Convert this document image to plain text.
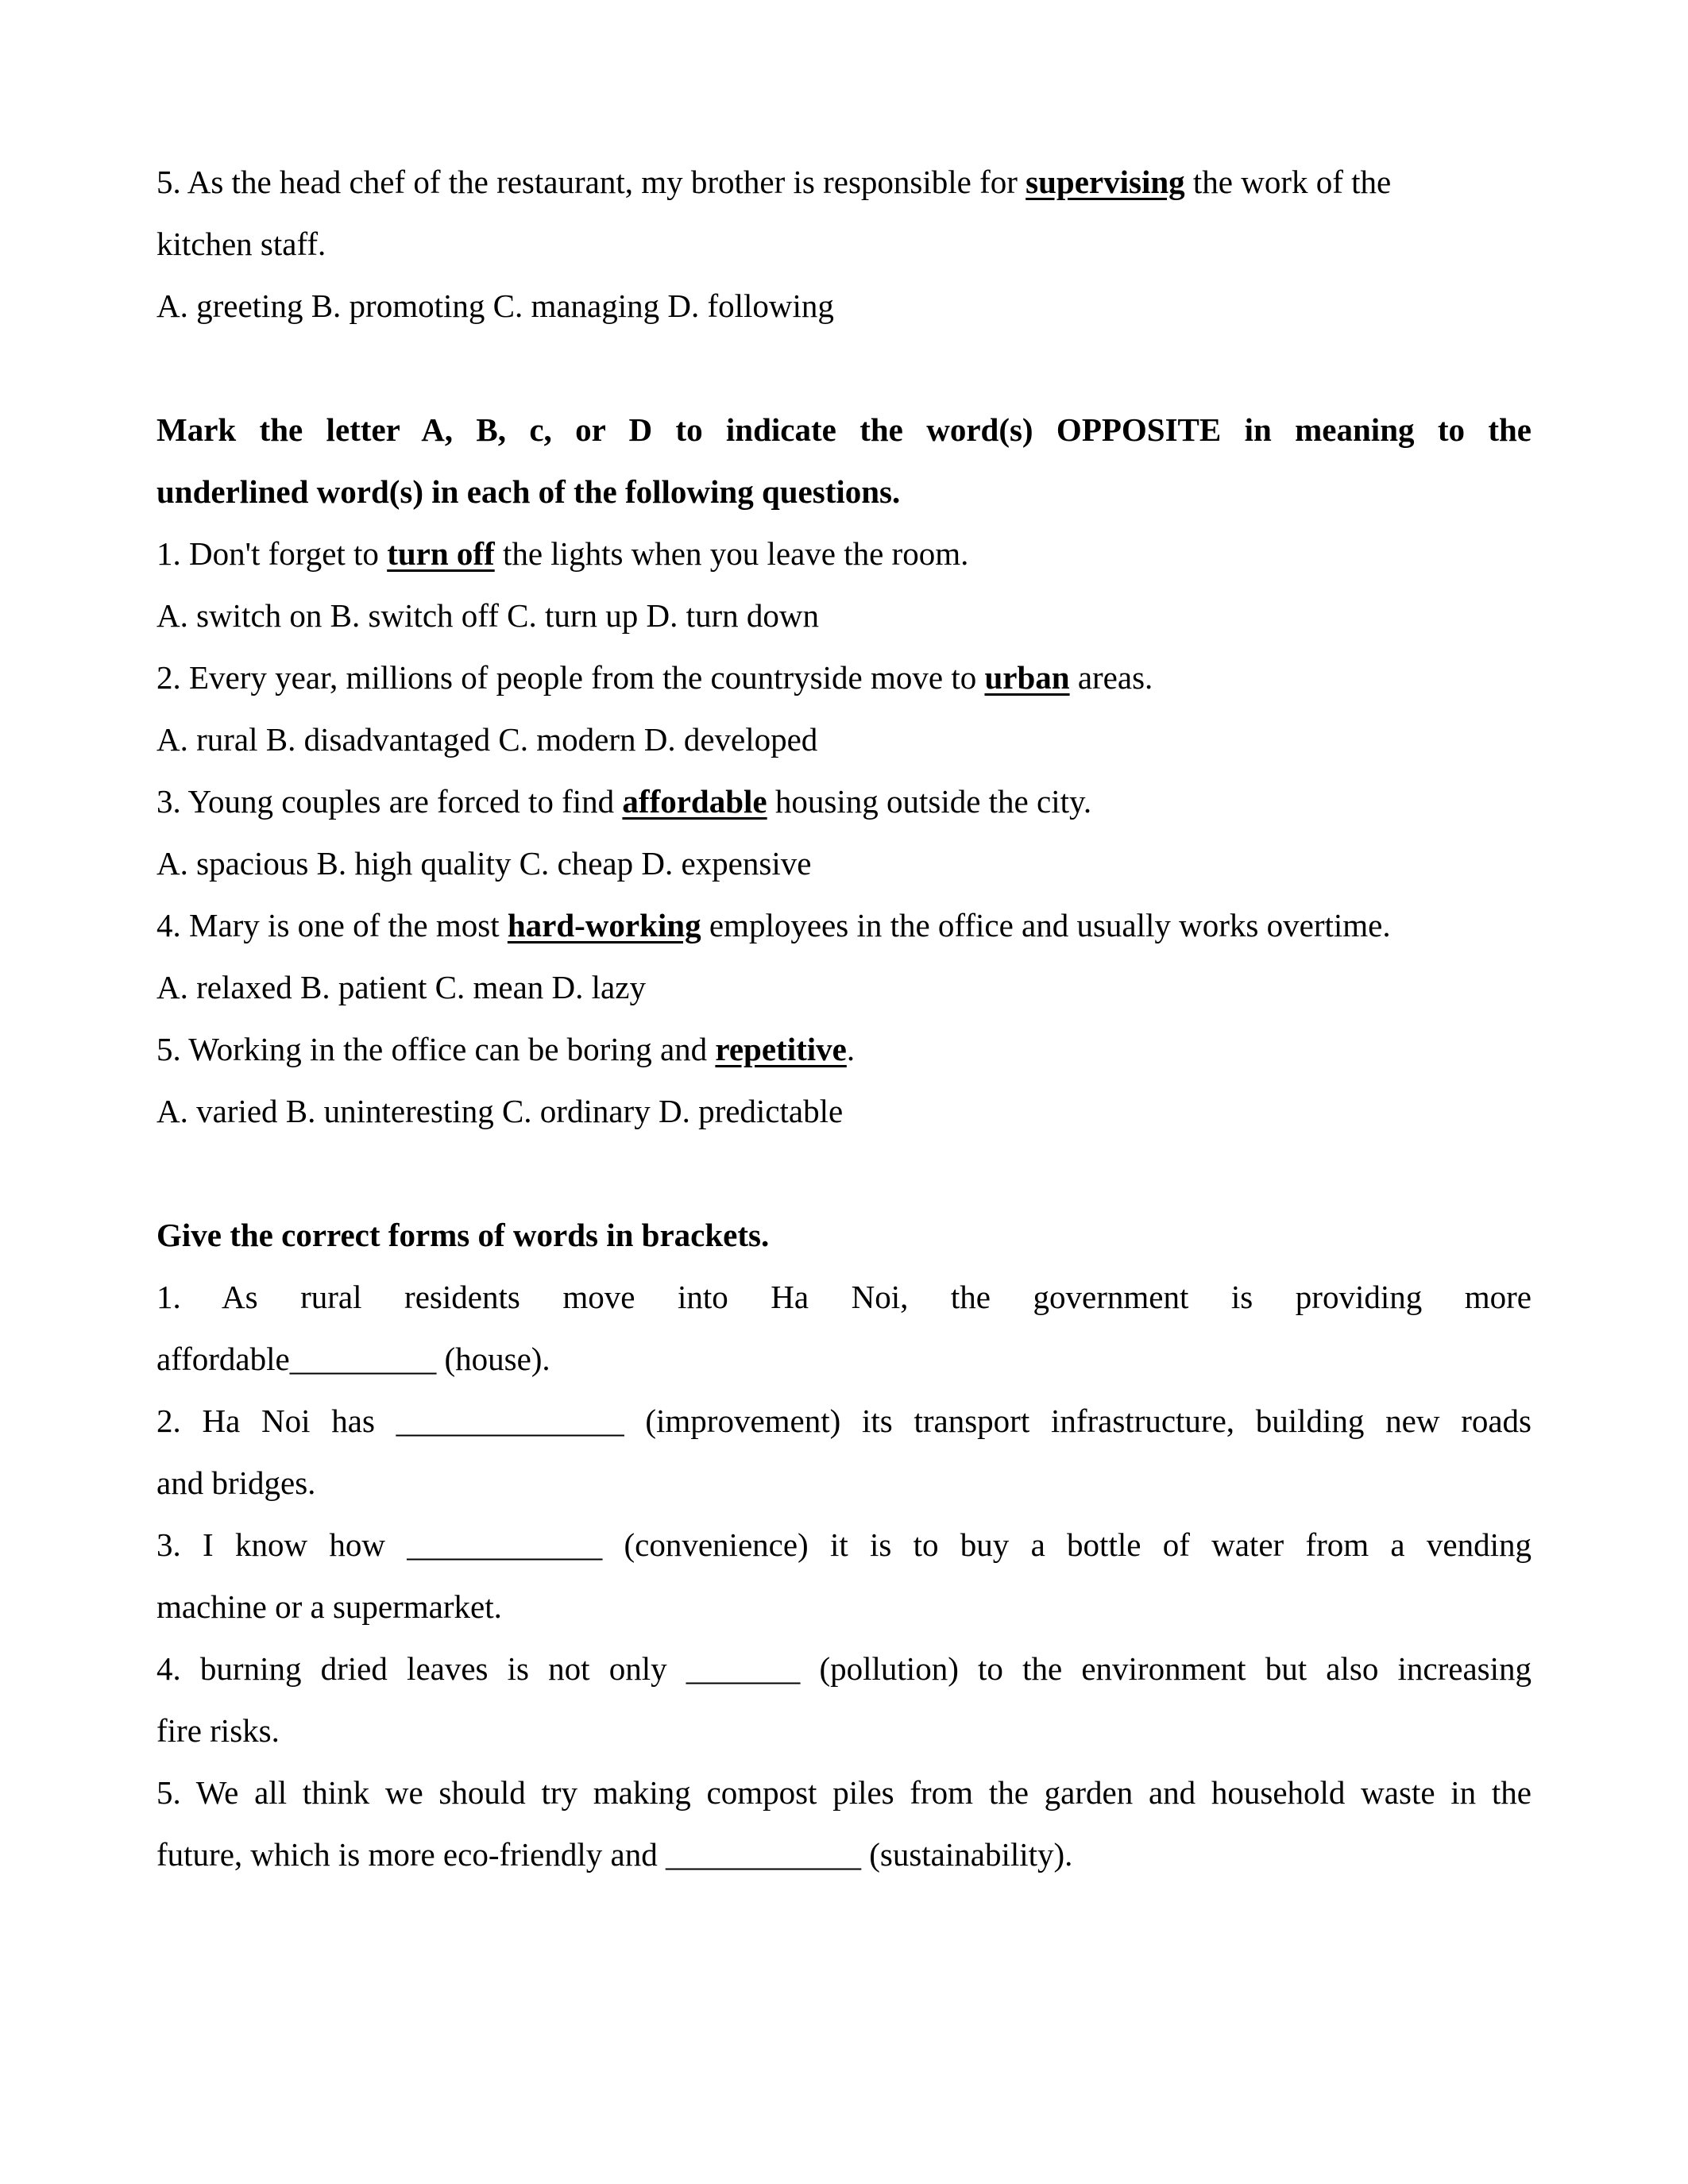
5. As the head chef of the restaurant, my brother is responsible for supervising the work of the
kitchen staff.
A. greeting B. promoting C. managing D. following
Mark the letter A, B, c, or D to indicate the word(s) OPPOSITE in meaning to the
underlined word(s) in each of the following questions.
1. Don't forget to turn off the lights when you leave the room.
A. switch on B. switch off C. turn up D. turn down
2. Every year, millions of people from the countryside move to urban areas.
A. rural B. disadvantaged C. modern D. developed
3. Young couples are forced to find affordable housing outside the city.
A. spacious B. high quality C. cheap D. expensive
4. Mary is one of the most hard-working employees in the office and usually works overtime.
A. relaxed B. patient C. mean D. lazy
5. Working in the office can be boring and repetitive.
A. varied B. uninteresting C. ordinary D. predictable
Give the correct forms of words in brackets.
1. As rural residents move into Ha Noi, the government is providing more
affordable_________ (house).
2. Ha Noi has ______________ (improvement) its transport infrastructure, building new roads
and bridges.
3. I know how ____________ (convenience) it is to buy a bottle of water from a vending
machine or a supermarket.
4. burning dried leaves is not only _______ (pollution) to the environment but also increasing
fire risks.
5. We all think we should try making compost piles from the garden and household waste in the
future, which is more eco-friendly and ____________ (sustainability).
